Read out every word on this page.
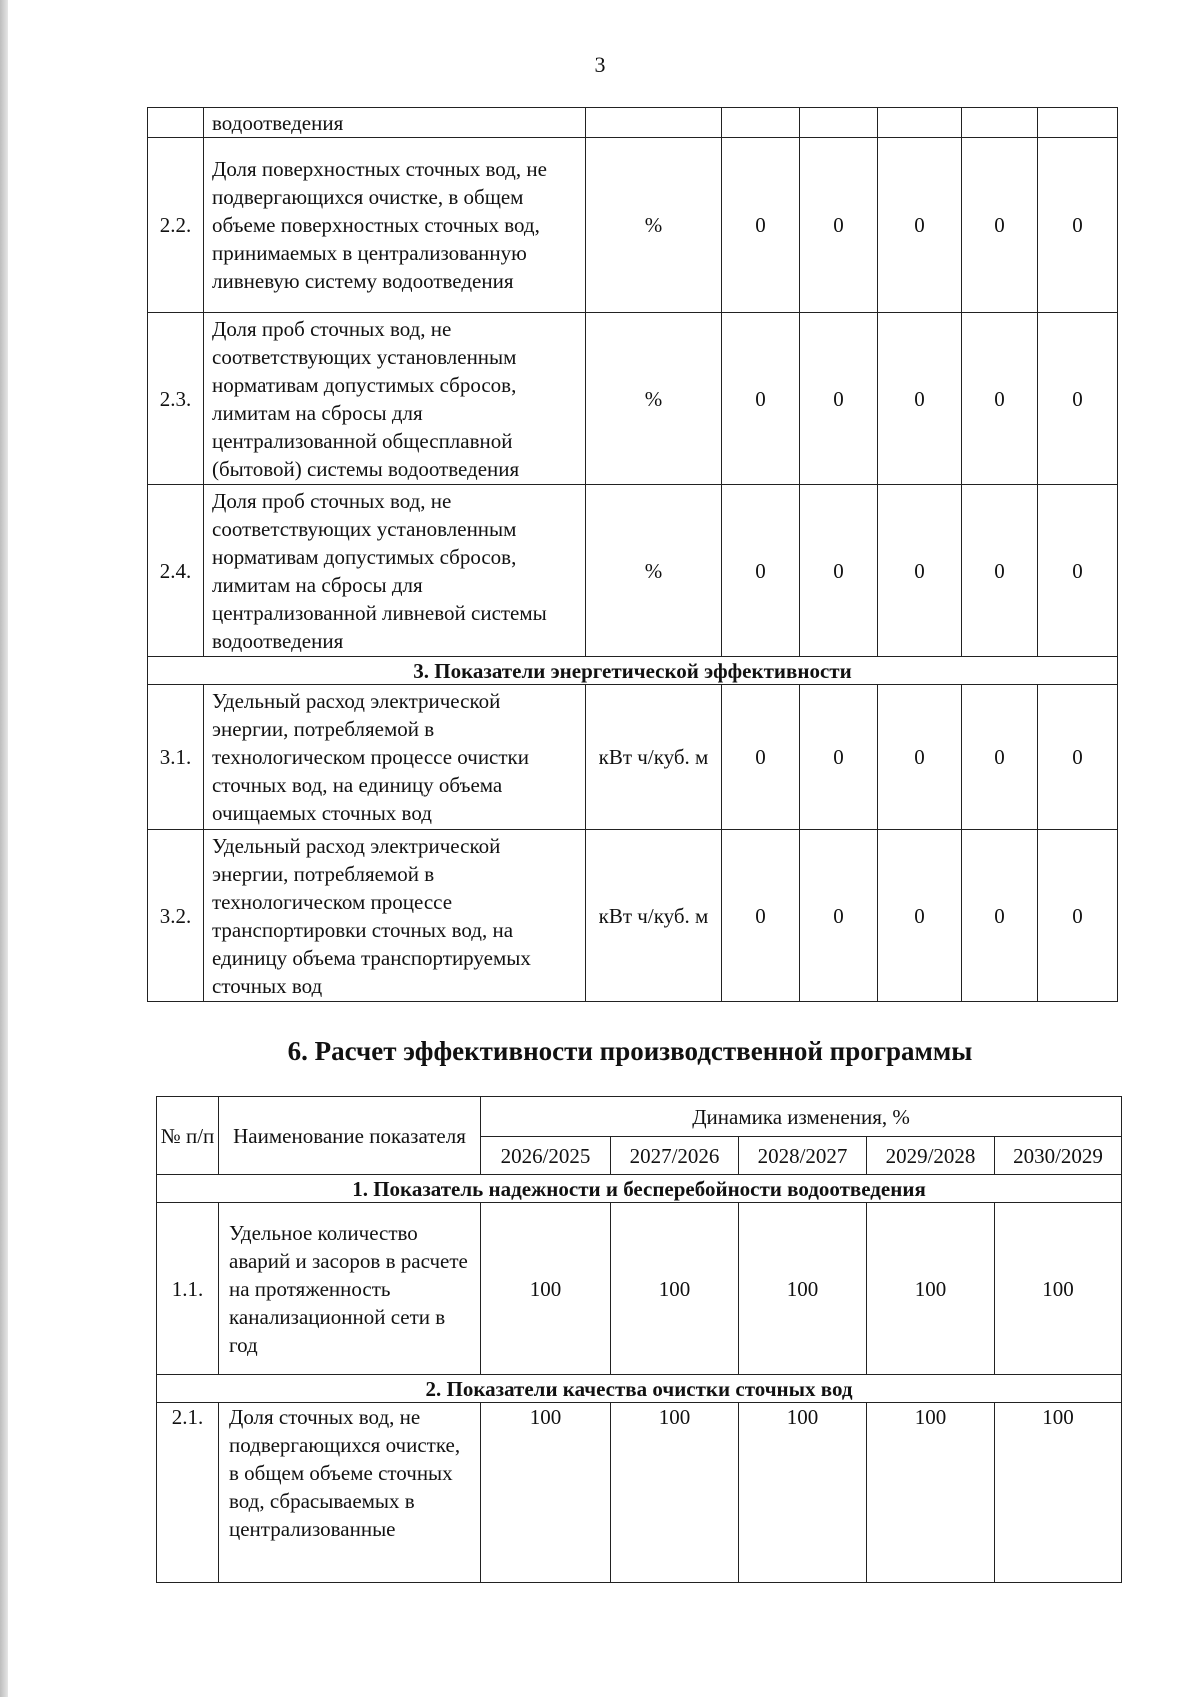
3
	водоотведения						
2.2.	Доля поверхностных сточных вод, не подвергающихся очистке, в общем объеме поверхностных сточных вод, принимаемых в централизованную ливневую систему водоотведения	%	0	0	0	0	0
2.3.	Доля проб сточных вод, не соответствующих установленным нормативам допустимых сбросов, лимитам на сбросы для централизованной общесплавной (бытовой) системы водоотведения	%	0	0	0	0	0
2.4.	Доля проб сточных вод, не соответствующих установленным нормативам допустимых сбросов, лимитам на сбросы для централизованной ливневой системы водоотведения	%	0	0	0	0	0
3. Показатели энергетической эффективности							
3.1.	Удельный расход электрической энергии, потребляемой в технологическом процессе очистки сточных вод, на единицу объема очищаемых сточных вод	кВт ч/куб. м	0	0	0	0	0
3.2.	Удельный расход электрической энергии, потребляемой в технологическом процессе транспортировки сточных вод, на единицу объема транспортируемых сточных вод	кВт ч/куб. м	0	0	0	0	0
6. Расчет эффективности производственной программы
№ п/п	Наименование показателя	Динамика изменения, %				
		2026/2025	2027/2026	2028/2027	2029/2028	2030/2029
1. Показатель надежности и бесперебойности водоотведения						
1.1.	Удельное количество аварий и засоров в расчете на протяженность канализационной сети в год	100	100	100	100	100
2. Показатели качества очистки сточных вод						
2.1.	Доля сточных вод, не подвергающихся очистке, в общем объеме сточных вод, сбрасываемых в централизованные	100	100	100	100	100
